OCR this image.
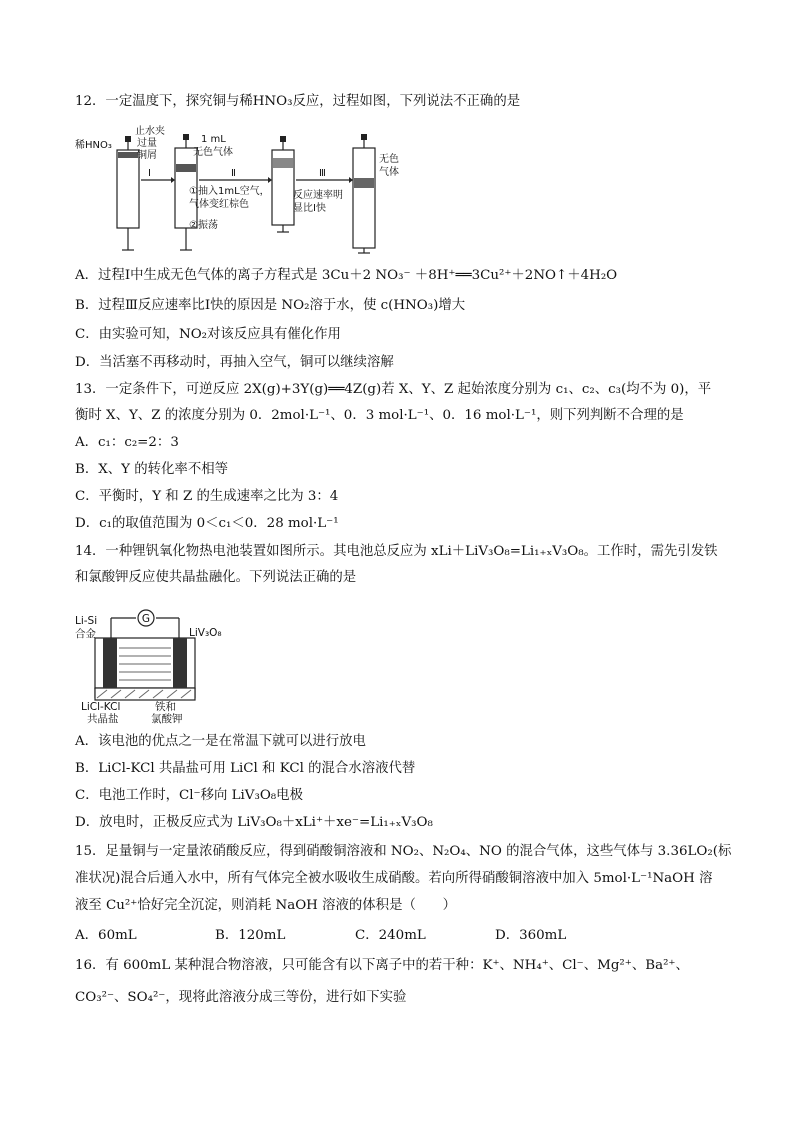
12．一定温度下，探究铜与稀HNO₃反应，过程如图，下列说法不正确的是
稀HNO₃
止水夹
过量
铜屑
Ⅰ	Ⅱ	Ⅲ
1 mL
无色气体
①抽入1mL空气，
气体变红棕色
②振荡
反应速率明
显比Ⅰ快
无色
气体
A．过程Ⅰ中生成无色气体的离子方程式是 3Cu＋2 NO₃⁻ ＋8H⁺══3Cu²⁺＋2NO↑＋4H₂O
B．过程Ⅲ反应速率比Ⅰ快的原因是 NO₂溶于水，使 c(HNO₃)增大
C．由实验可知，NO₂对该反应具有催化作用
D．当活塞不再移动时，再抽入空气，铜可以继续溶解
13．一定条件下，可逆反应 2X(g)+3Y(g)══4Z(g)若 X、Y、Z 起始浓度分别为 c₁、c₂、c₃(均不为 0)，平
衡时 X、Y、Z 的浓度分别为 0．2mol·L⁻¹、0．3 mol·L⁻¹、0．16 mol·L⁻¹，则下列判断不合理的是
A．c₁：c₂=2：3
B．X、Y 的转化率不相等
C．平衡时，Y 和 Z 的生成速率之比为 3：4
D．c₁的取值范围为 0＜c₁＜0．28 mol·L⁻¹
14．一种锂钒氧化物热电池装置如图所示。其电池总反应为 xLi＋LiV₃O₈=Li₁₊ₓV₃O₈。工作时，需先引发铁
和氯酸钾反应使共晶盐融化。下列说法正确的是
G
Li-Si
合金	LiV₃O₈
LiCl-KCl
共晶盐
铁和
氯酸钾
A．该电池的优点之一是在常温下就可以进行放电
B．LiCl-KCl 共晶盐可用 LiCl 和 KCl 的混合水溶液代替
C．电池工作时，Cl⁻移向 LiV₃O₈电极
D．放电时，正极反应式为 LiV₃O₈＋xLi⁺＋xe⁻=Li₁₊ₓV₃O₈
15．足量铜与一定量浓硝酸反应，得到硝酸铜溶液和 NO₂、N₂O₄、NO 的混合气体，这些气体与 3.36LO₂(标
准状况)混合后通入水中，所有气体完全被水吸收生成硝酸。若向所得硝酸铜溶液中加入 5mol·L⁻¹NaOH 溶
液至 Cu²⁺恰好完全沉淀，则消耗 NaOH 溶液的体积是（　　）
A．60mL	B．120mL	C．240mL	D．360mL
16．有 600mL 某种混合物溶液，只可能含有以下离子中的若干种：K⁺、NH₄⁺、Cl⁻、Mg²⁺、Ba²⁺、
CO₃²⁻、SO₄²⁻，现将此溶液分成三等份，进行如下实验
